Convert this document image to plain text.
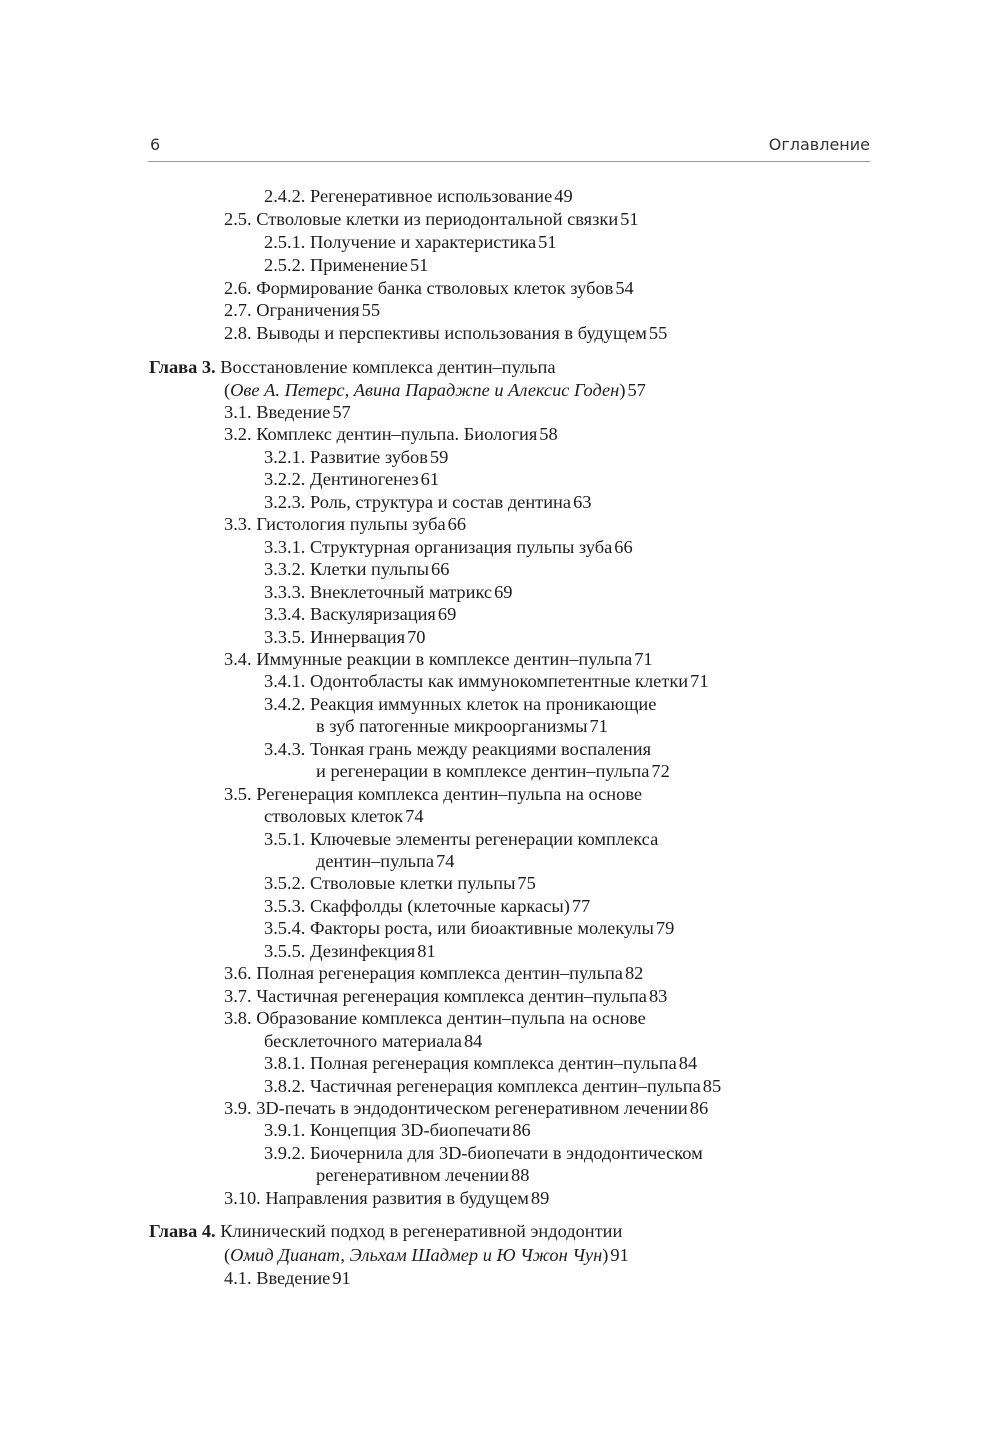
6	Оглавление
2.4.2.
Регенеративное использование 49
2.5.
Стволовые клетки из периодонтальной связки 51
2.5.1.
Получение и характеристика 51
2.5.2.
Применение 51
2.6.
Формирование банка стволовых клеток зубов 54
2.7.
Ограничения 55
2.8.
Выводы и перспективы использования в будущем 55
Глава 3. Восстановление комплекса дентин–пульпа
( Ове А. Петерс, Авина Параджпе и Алексис Годен ) 57
3.1.
Введение 57
3.2.
Комплекс дентин–пульпа. Биология 58
3.2.1.
Развитие зубов 59
3.2.2.
Дентиногенез 61
3.2.3.
Роль, структура и состав дентина 63
3.3.
Гистология пульпы зуба 66
3.3.1.
Структурная организация пульпы зуба 66
3.3.2.
Клетки пульпы 66
3.3.3.
Внеклеточный матрикс 69
3.3.4.
Васкуляризация 69
3.3.5.
Иннервация 70
3.4.
Иммунные реакции в комплексе дентин–пульпа 71
3.4.1.
Одонтобласты как иммунокомпетентные клетки 71
3.4.2. Реакция иммунных клеток на проникающие
в зуб патогенные микроорганизмы 71
3.4.3. Тонкая грань между реакциями воспаления
и регенерации в комплексе дентин–пульпа 72
3.5. Регенерация комплекса дентин–пульпа на основе
стволовых клеток 74
3.5.1. Ключевые элементы регенерации комплекса
дентин–пульпа 74
3.5.2.
Стволовые клетки пульпы 75
3.5.3.
Скаффолды (клеточные каркасы) 77
3.5.4.
Факторы роста, или биоактивные молекулы 79
3.5.5.
Дезинфекция 81
3.6.
Полная регенерация комплекса дентин–пульпа 82
3.7.
Частичная регенерация комплекса дентин–пульпа 83
3.8. Образование комплекса дентин–пульпа на основе
бесклеточного материала 84
3.8.1.
Полная регенерация комплекса дентин–пульпа 84
3.8.2.
Частичная регенерация комплекса дентин–пульпа 85
3.9.
3D-печать в эндодонтическом регенеративном лечении 86
3.9.1.
Концепция 3D-биопечати 86
3.9.2. Биочернила для 3D-биопечати в эндодонтическом
регенеративном лечении 88
3.10.
Направления развития в будущем 89
Глава 4. Клинический подход в регенеративной эндодонтии
( Омид Дианат, Эльхам Шадмер и Ю Чжон Чун ) 91
4.1.
Введение 91
